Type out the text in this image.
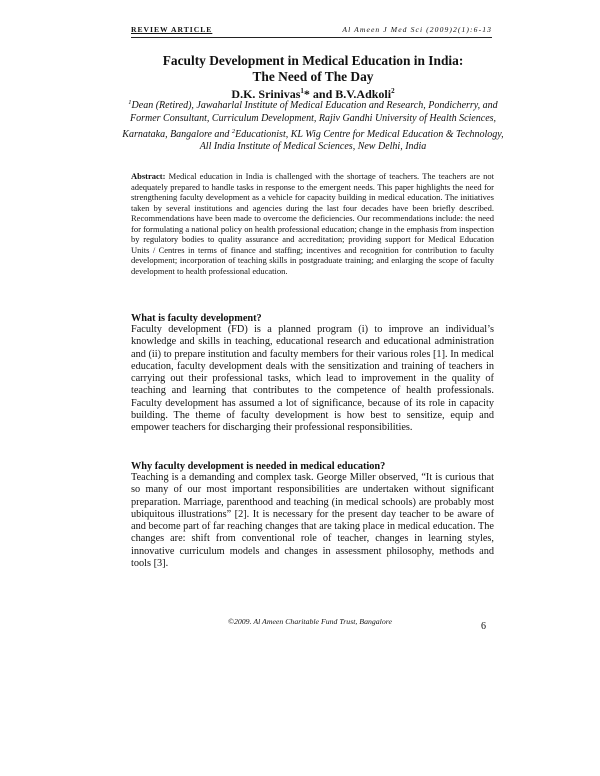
REVIEW ARTICLE	Al Ameen J Med Sci (2009)2(1):6-13
Faculty Development in Medical Education in India:
The Need of The Day
D.K. Srinivas$^1$* and B.V.Adkoli$^2$
$^1$Dean (Retired), Jawaharlal Institute of Medical Education and Research, Pondicherry, and Former Consultant, Curriculum Development, Rajiv Gandhi University of Health Sciences, Karnataka, Bangalore and $^2$Educationist, KL Wig Centre for Medical Education & Technology, All India Institute of Medical Sciences, New Delhi, India
Abstract: Medical education in India is challenged with the shortage of teachers. The teachers are not adequately prepared to handle tasks in response to the emergent needs. This paper highlights the need for strengthening faculty development as a vehicle for capacity building in medical education. The initiatives taken by several institutions and agencies during the last four decades have been briefly described. Recommendations have been made to overcome the deficiencies. Our recommendations include: the need for formulating a national policy on health professional education; change in the emphasis from inspection by regulatory bodies to quality assurance and accreditation; providing support for Medical Education Units / Centres in terms of finance and staffing; incentives and recognition for contribution to faculty development; incorporation of teaching skills in postgraduate training; and enlarging the scope of faculty development to health professional education.
What is faculty development?
Faculty development (FD) is a planned program (i) to improve an individual’s knowledge and skills in teaching, educational research and educational administration and (ii) to prepare institution and faculty members for their various roles [1]. In medical education, faculty development deals with the sensitization and training of teachers in carrying out their professional tasks, which lead to improvement in the quality of teaching and learning that contributes to the competence of health professionals. Faculty development has assumed a lot of significance, because of its role in capacity building. The theme of faculty development is how best to sensitize, equip and empower teachers for discharging their professional responsibilities.
Why faculty development is needed in medical education?
Teaching is a demanding and complex task. George Miller observed, “It is curious that so many of our most important responsibilities are undertaken without significant preparation. Marriage, parenthood and teaching (in medical schools) are probably most ubiquitous illustrations” [2]. It is necessary for the present day teacher to be aware of and become part of far reaching changes that are taking place in medical education. The changes are: shift from conventional role of teacher, changes in learning styles, innovative curriculum models and changes in assessment philosophy, methods and tools [3].
©2009. Al Ameen Charitable Fund Trust, Bangalore	6
